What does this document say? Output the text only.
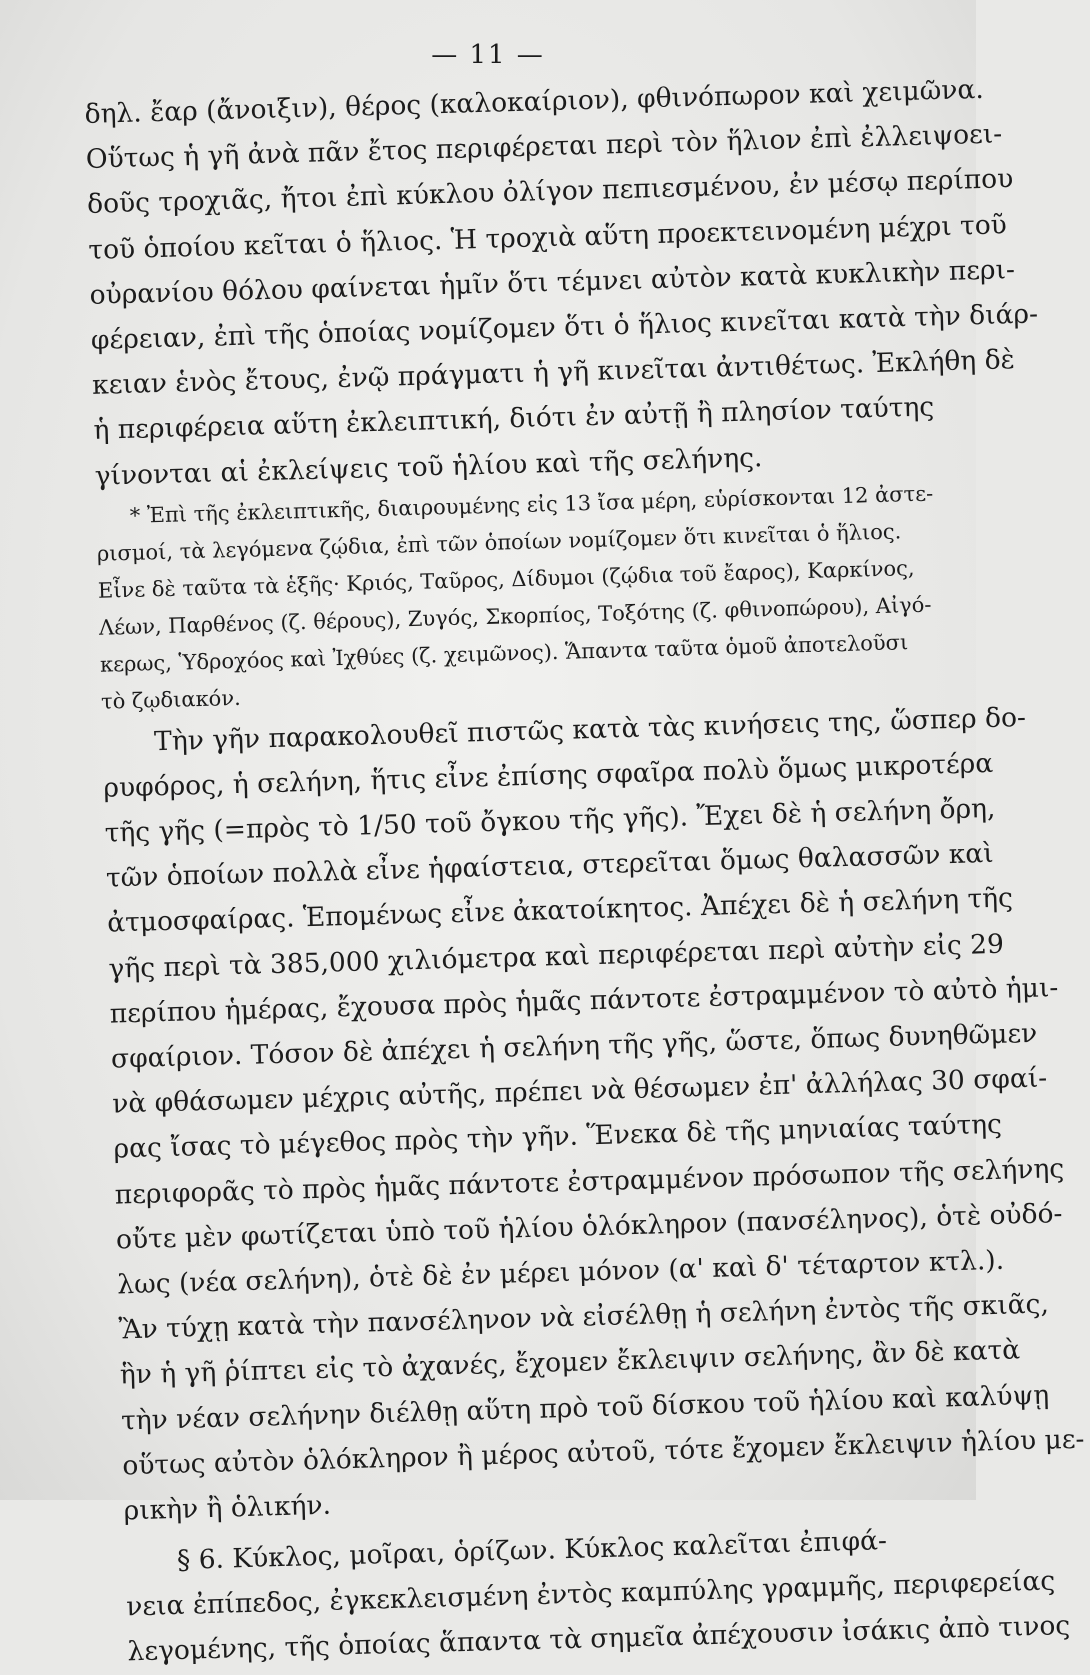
— 11 —
δηλ. ἔαρ (ἄνοιξιν), θέρος (καλοκαίριον), φθινόπωρον καὶ χειμῶνα.
Οὕτως ἡ γῆ ἀνὰ πᾶν ἔτος περιφέρεται περὶ τὸν ἥλιον ἐπὶ ἐλλειψοει-
δοῦς τροχιᾶς, ἤτοι ἐπὶ κύκλου ὀλίγον πεπιεσμένου, ἐν μέσῳ περίπου
τοῦ ὁποίου κεῖται ὁ ἥλιος. Ἡ τροχιὰ αὕτη προεκτεινομένη μέχρι τοῦ
οὐρανίου θόλου φαίνεται ἡμῖν ὅτι τέμνει αὐτὸν κατὰ κυκλικὴν περι-
φέρειαν, ἐπὶ τῆς ὁποίας νομίζομεν ὅτι ὁ ἥλιος κινεῖται κατὰ τὴν διάρ-
κειαν ἑνὸς ἔτους, ἐνῷ πράγματι ἡ γῆ κινεῖται ἀντιθέτως. Ἐκλήθη δὲ
ἡ περιφέρεια αὕτη ἐκλειπτική, διότι ἐν αὐτῇ ἢ πλησίον ταύτης
γίνονται αἱ ἐκλείψεις τοῦ ἡλίου καὶ τῆς σελήνης.
* Ἐπὶ τῆς ἐκλειπτικῆς, διαιρουμένης εἰς 13 ἴσα μέρη, εὑρίσκονται 12 ἀστε-
ρισμοί, τὰ λεγόμενα ζῴδια, ἐπὶ τῶν ὁποίων νομίζομεν ὅτι κινεῖται ὁ ἥλιος.
Εἶνε δὲ ταῦτα τὰ ἑξῆς· Κριός, Ταῦρος, Δίδυμοι (ζῴδια τοῦ ἔαρος), Καρκίνος,
Λέων, Παρθένος (ζ. θέρους), Ζυγός, Σκορπίος, Τοξότης (ζ. φθινοπώρου), Αἰγό-
κερως, Ὑδροχόος καὶ Ἰχθύες (ζ. χειμῶνος). Ἅπαντα ταῦτα ὁμοῦ ἀποτελοῦσι
τὸ ζῳδιακόν.
Τὴν γῆν παρακολουθεῖ πιστῶς κατὰ τὰς κινήσεις της, ὥσπερ δο-
ρυφόρος, ἡ σελήνη, ἥτις εἶνε ἐπίσης σφαῖρα πολὺ ὅμως μικροτέρα
τῆς γῆς (=πρὸς τὸ 1/50 τοῦ ὄγκου τῆς γῆς). Ἔχει δὲ ἡ σελήνη ὄρη,
τῶν ὁποίων πολλὰ εἶνε ἡφαίστεια, στερεῖται ὅμως θαλασσῶν καὶ
ἀτμοσφαίρας. Ἑπομένως εἶνε ἀκατοίκητος. Ἀπέχει δὲ ἡ σελήνη τῆς
γῆς περὶ τὰ 385,000 χιλιόμετρα καὶ περιφέρεται περὶ αὐτὴν εἰς 29
περίπου ἡμέρας, ἔχουσα πρὸς ἡμᾶς πάντοτε ἐστραμμένον τὸ αὐτὸ ἡμι-
σφαίριον. Τόσον δὲ ἀπέχει ἡ σελήνη τῆς γῆς, ὥστε, ὅπως δυνηθῶμεν
νὰ φθάσωμεν μέχρις αὐτῆς, πρέπει νὰ θέσωμεν ἐπ' ἀλλήλας 30 σφαί-
ρας ἴσας τὸ μέγεθος πρὸς τὴν γῆν. Ἕνεκα δὲ τῆς μηνιαίας ταύτης
περιφορᾶς τὸ πρὸς ἡμᾶς πάντοτε ἐστραμμένον πρόσωπον τῆς σελήνης
οὔτε μὲν φωτίζεται ὑπὸ τοῦ ἡλίου ὁλόκληρον (πανσέληνος), ὁτὲ οὐδό-
λως (νέα σελήνη), ὁτὲ δὲ ἐν μέρει μόνον (α' καὶ δ' τέταρτον κτλ.).
Ἂν τύχῃ κατὰ τὴν πανσέληνον νὰ εἰσέλθῃ ἡ σελήνη ἐντὸς τῆς σκιᾶς,
ἣν ἡ γῆ ῥίπτει εἰς τὸ ἀχανές, ἔχομεν ἔκλειψιν σελήνης, ἂν δὲ κατὰ
τὴν νέαν σελήνην διέλθῃ αὕτη πρὸ τοῦ δίσκου τοῦ ἡλίου καὶ καλύψῃ
οὕτως αὐτὸν ὁλόκληρον ἢ μέρος αὐτοῦ, τότε ἔχομεν ἔκλειψιν ἡλίου με-
ρικὴν ἢ ὁλικήν.
§ 6. Κύκλος, μοῖραι, ὁρίζων. Κύκλος καλεῖται ἐπιφά-
νεια ἐπίπεδος, ἐγκεκλεισμένη ἐντὸς καμπύλης γραμμῆς, περιφερείας
λεγομένης, τῆς ὁποίας ἅπαντα τὰ σημεῖα ἀπέχουσιν ἰσάκις ἀπὸ τινος
